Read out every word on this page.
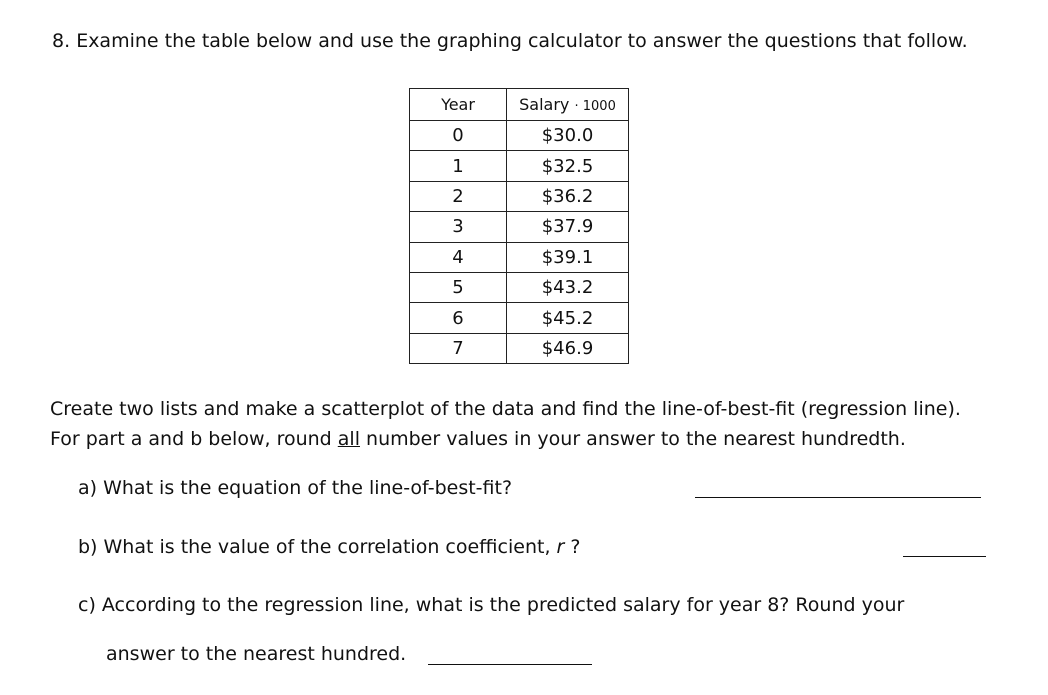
8. Examine the table below and use the graphing calculator to answer the questions that follow.
Year	Salary · 1000
0	$30.0
1	$32.5
2	$36.2
3	$37.9
4	$39.1
5	$43.2
6	$45.2
7	$46.9
Create two lists and make a scatterplot of the data and find the line-of-best-fit (regression line).
For part a and b below, round all number values in your answer to the nearest hundredth.
a) What is the equation of the line-of-best-fit?
b) What is the value of the correlation coefficient, r ?
c) According to the regression line, what is the predicted salary for year 8? Round your
answer to the nearest hundred.
